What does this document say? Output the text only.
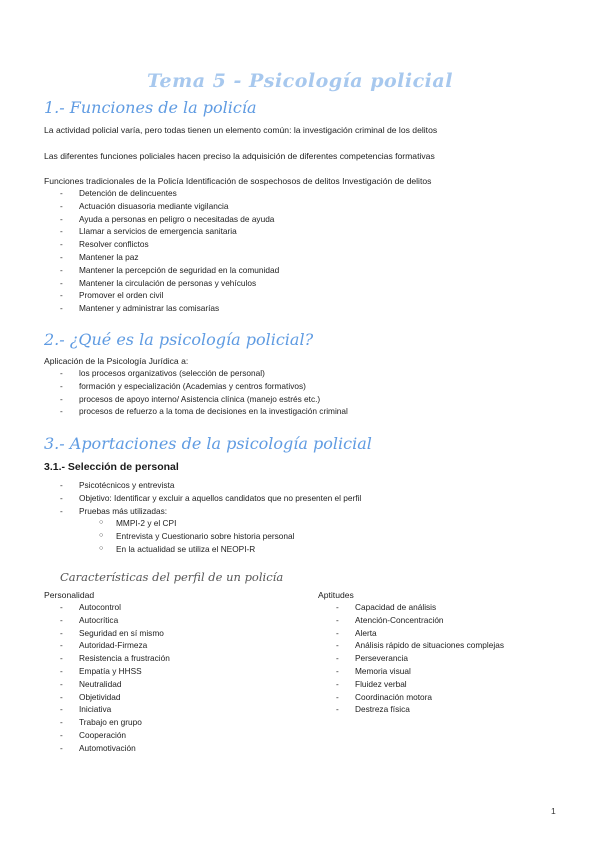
Tema 5 - Psicología policial
1.- Funciones de la policía
La actividad policial varía, pero todas tienen un elemento común: la investigación criminal de los delitos
Las diferentes funciones policiales hacen preciso la adquisición de diferentes competencias formativas
Funciones tradicionales de la Policía Identificación de sospechosos de delitos Investigación de delitos
- Detención de delincuentes
- Actuación disuasoria mediante vigilancia
- Ayuda a personas en peligro o necesitadas de ayuda
- Llamar a servicios de emergencia sanitaria
- Resolver conflictos
- Mantener la paz
- Mantener la percepción de seguridad en la comunidad
- Mantener la circulación de personas y vehículos
- Promover el orden civil
- Mantener y administrar las comisarías
2.- ¿Qué es la psicología policial?
Aplicación de la Psicología Jurídica a:
- los procesos organizativos (selección de personal)
- formación y especialización (Academias y centros formativos)
- procesos de apoyo interno/ Asistencia clínica (manejo estrés etc.)
- procesos de refuerzo a la toma de decisiones en la investigación criminal
3.- Aportaciones de la psicología policial
3.1.- Selección de personal
- Psicotécnicos y entrevista
- Objetivo: Identificar y excluir a aquellos candidatos que no presenten el perfil
- Pruebas más utilizadas:
○ MMPI-2 y el CPI
○ Entrevista y Cuestionario sobre historia personal
○ En la actualidad se utiliza el NEOPI-R
Características del perfil de un policía
Personalidad
- Autocontrol
- Autocrítica
- Seguridad en sí mismo
- Autoridad-Firmeza
- Resistencia a frustración
- Empatía y HHSS
- Neutralidad
- Objetividad
- Iniciativa
- Trabajo en grupo
- Cooperación
- Automotivación
Aptitudes
- Capacidad de análisis
- Atención-Concentración
- Alerta
- Análisis rápido de situaciones complejas
- Perseverancia
- Memoria visual
- Fluidez verbal
- Coordinación motora
- Destreza física
1
